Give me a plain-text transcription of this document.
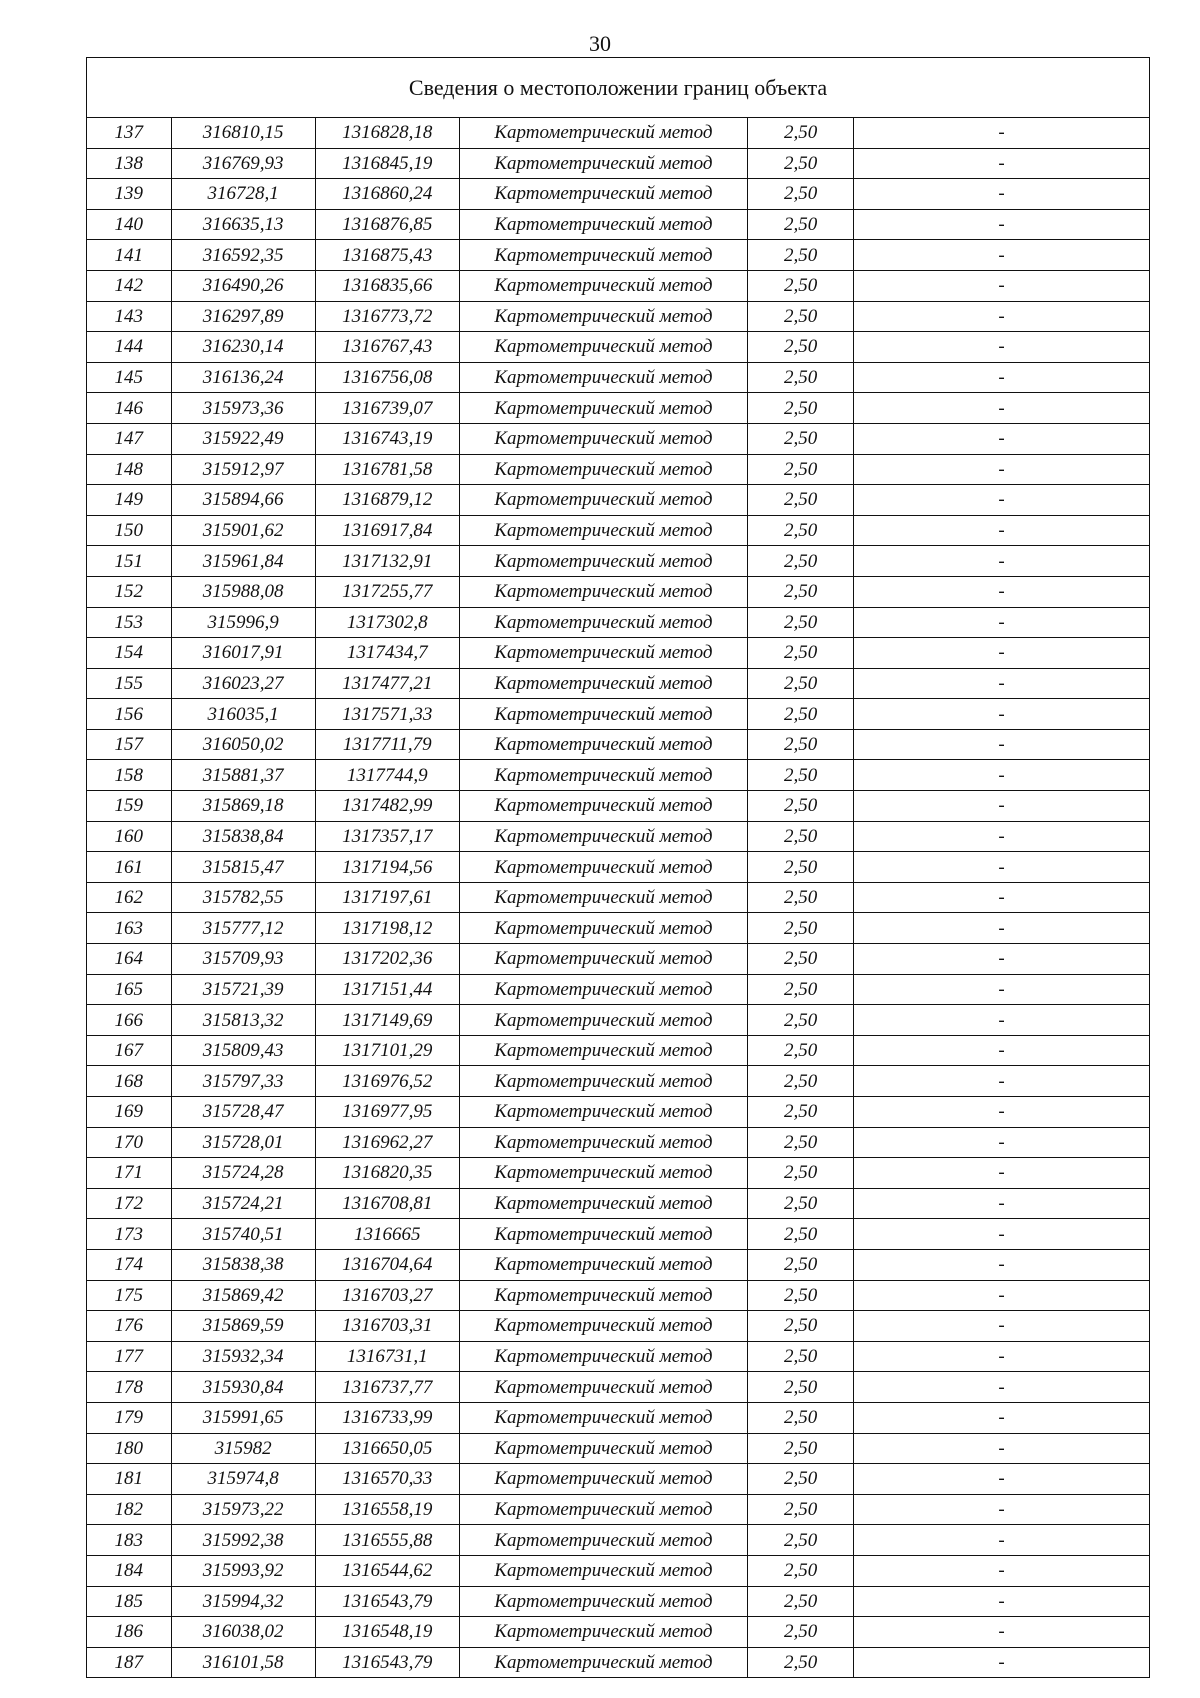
30
Сведения о местоположении границ объекта
137	316810,15	1316828,18	Картометрический метод	2,50	-
138	316769,93	1316845,19	Картометрический метод	2,50	-
139	316728,1	1316860,24	Картометрический метод	2,50	-
140	316635,13	1316876,85	Картометрический метод	2,50	-
141	316592,35	1316875,43	Картометрический метод	2,50	-
142	316490,26	1316835,66	Картометрический метод	2,50	-
143	316297,89	1316773,72	Картометрический метод	2,50	-
144	316230,14	1316767,43	Картометрический метод	2,50	-
145	316136,24	1316756,08	Картометрический метод	2,50	-
146	315973,36	1316739,07	Картометрический метод	2,50	-
147	315922,49	1316743,19	Картометрический метод	2,50	-
148	315912,97	1316781,58	Картометрический метод	2,50	-
149	315894,66	1316879,12	Картометрический метод	2,50	-
150	315901,62	1316917,84	Картометрический метод	2,50	-
151	315961,84	1317132,91	Картометрический метод	2,50	-
152	315988,08	1317255,77	Картометрический метод	2,50	-
153	315996,9	1317302,8	Картометрический метод	2,50	-
154	316017,91	1317434,7	Картометрический метод	2,50	-
155	316023,27	1317477,21	Картометрический метод	2,50	-
156	316035,1	1317571,33	Картометрический метод	2,50	-
157	316050,02	1317711,79	Картометрический метод	2,50	-
158	315881,37	1317744,9	Картометрический метод	2,50	-
159	315869,18	1317482,99	Картометрический метод	2,50	-
160	315838,84	1317357,17	Картометрический метод	2,50	-
161	315815,47	1317194,56	Картометрический метод	2,50	-
162	315782,55	1317197,61	Картометрический метод	2,50	-
163	315777,12	1317198,12	Картометрический метод	2,50	-
164	315709,93	1317202,36	Картометрический метод	2,50	-
165	315721,39	1317151,44	Картометрический метод	2,50	-
166	315813,32	1317149,69	Картометрический метод	2,50	-
167	315809,43	1317101,29	Картометрический метод	2,50	-
168	315797,33	1316976,52	Картометрический метод	2,50	-
169	315728,47	1316977,95	Картометрический метод	2,50	-
170	315728,01	1316962,27	Картометрический метод	2,50	-
171	315724,28	1316820,35	Картометрический метод	2,50	-
172	315724,21	1316708,81	Картометрический метод	2,50	-
173	315740,51	1316665	Картометрический метод	2,50	-
174	315838,38	1316704,64	Картометрический метод	2,50	-
175	315869,42	1316703,27	Картометрический метод	2,50	-
176	315869,59	1316703,31	Картометрический метод	2,50	-
177	315932,34	1316731,1	Картометрический метод	2,50	-
178	315930,84	1316737,77	Картометрический метод	2,50	-
179	315991,65	1316733,99	Картометрический метод	2,50	-
180	315982	1316650,05	Картометрический метод	2,50	-
181	315974,8	1316570,33	Картометрический метод	2,50	-
182	315973,22	1316558,19	Картометрический метод	2,50	-
183	315992,38	1316555,88	Картометрический метод	2,50	-
184	315993,92	1316544,62	Картометрический метод	2,50	-
185	315994,32	1316543,79	Картометрический метод	2,50	-
186	316038,02	1316548,19	Картометрический метод	2,50	-
187	316101,58	1316543,79	Картометрический метод	2,50	-
